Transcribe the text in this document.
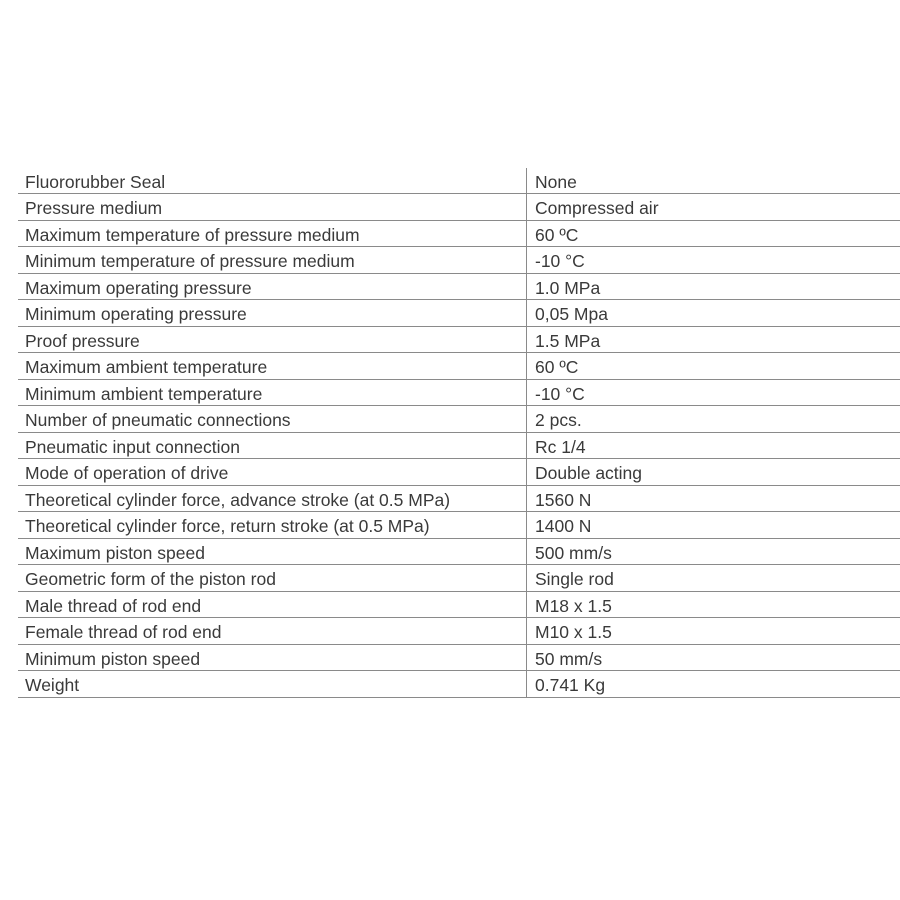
Fluororubber Seal	None
Pressure medium	Compressed air
Maximum temperature of pressure medium	60 ºC
Minimum temperature of pressure medium	-10 °C
Maximum operating pressure	1.0 MPa
Minimum operating pressure	0,05 Mpa
Proof pressure	1.5 MPa
Maximum ambient temperature	60 ºC
Minimum ambient temperature	-10 °C
Number of pneumatic connections	2 pcs.
Pneumatic input connection	Rc 1/4
Mode of operation of drive	Double acting
Theoretical cylinder force, advance stroke (at 0.5 MPa)	1560 N
Theoretical cylinder force, return stroke (at 0.5 MPa)	1400 N
Maximum piston speed	500 mm/s
Geometric form of the piston rod	Single rod
Male thread of rod end	M18 x 1.5
Female thread of rod end	M10 x 1.5
Minimum piston speed	50 mm/s
Weight	0.741 Kg
